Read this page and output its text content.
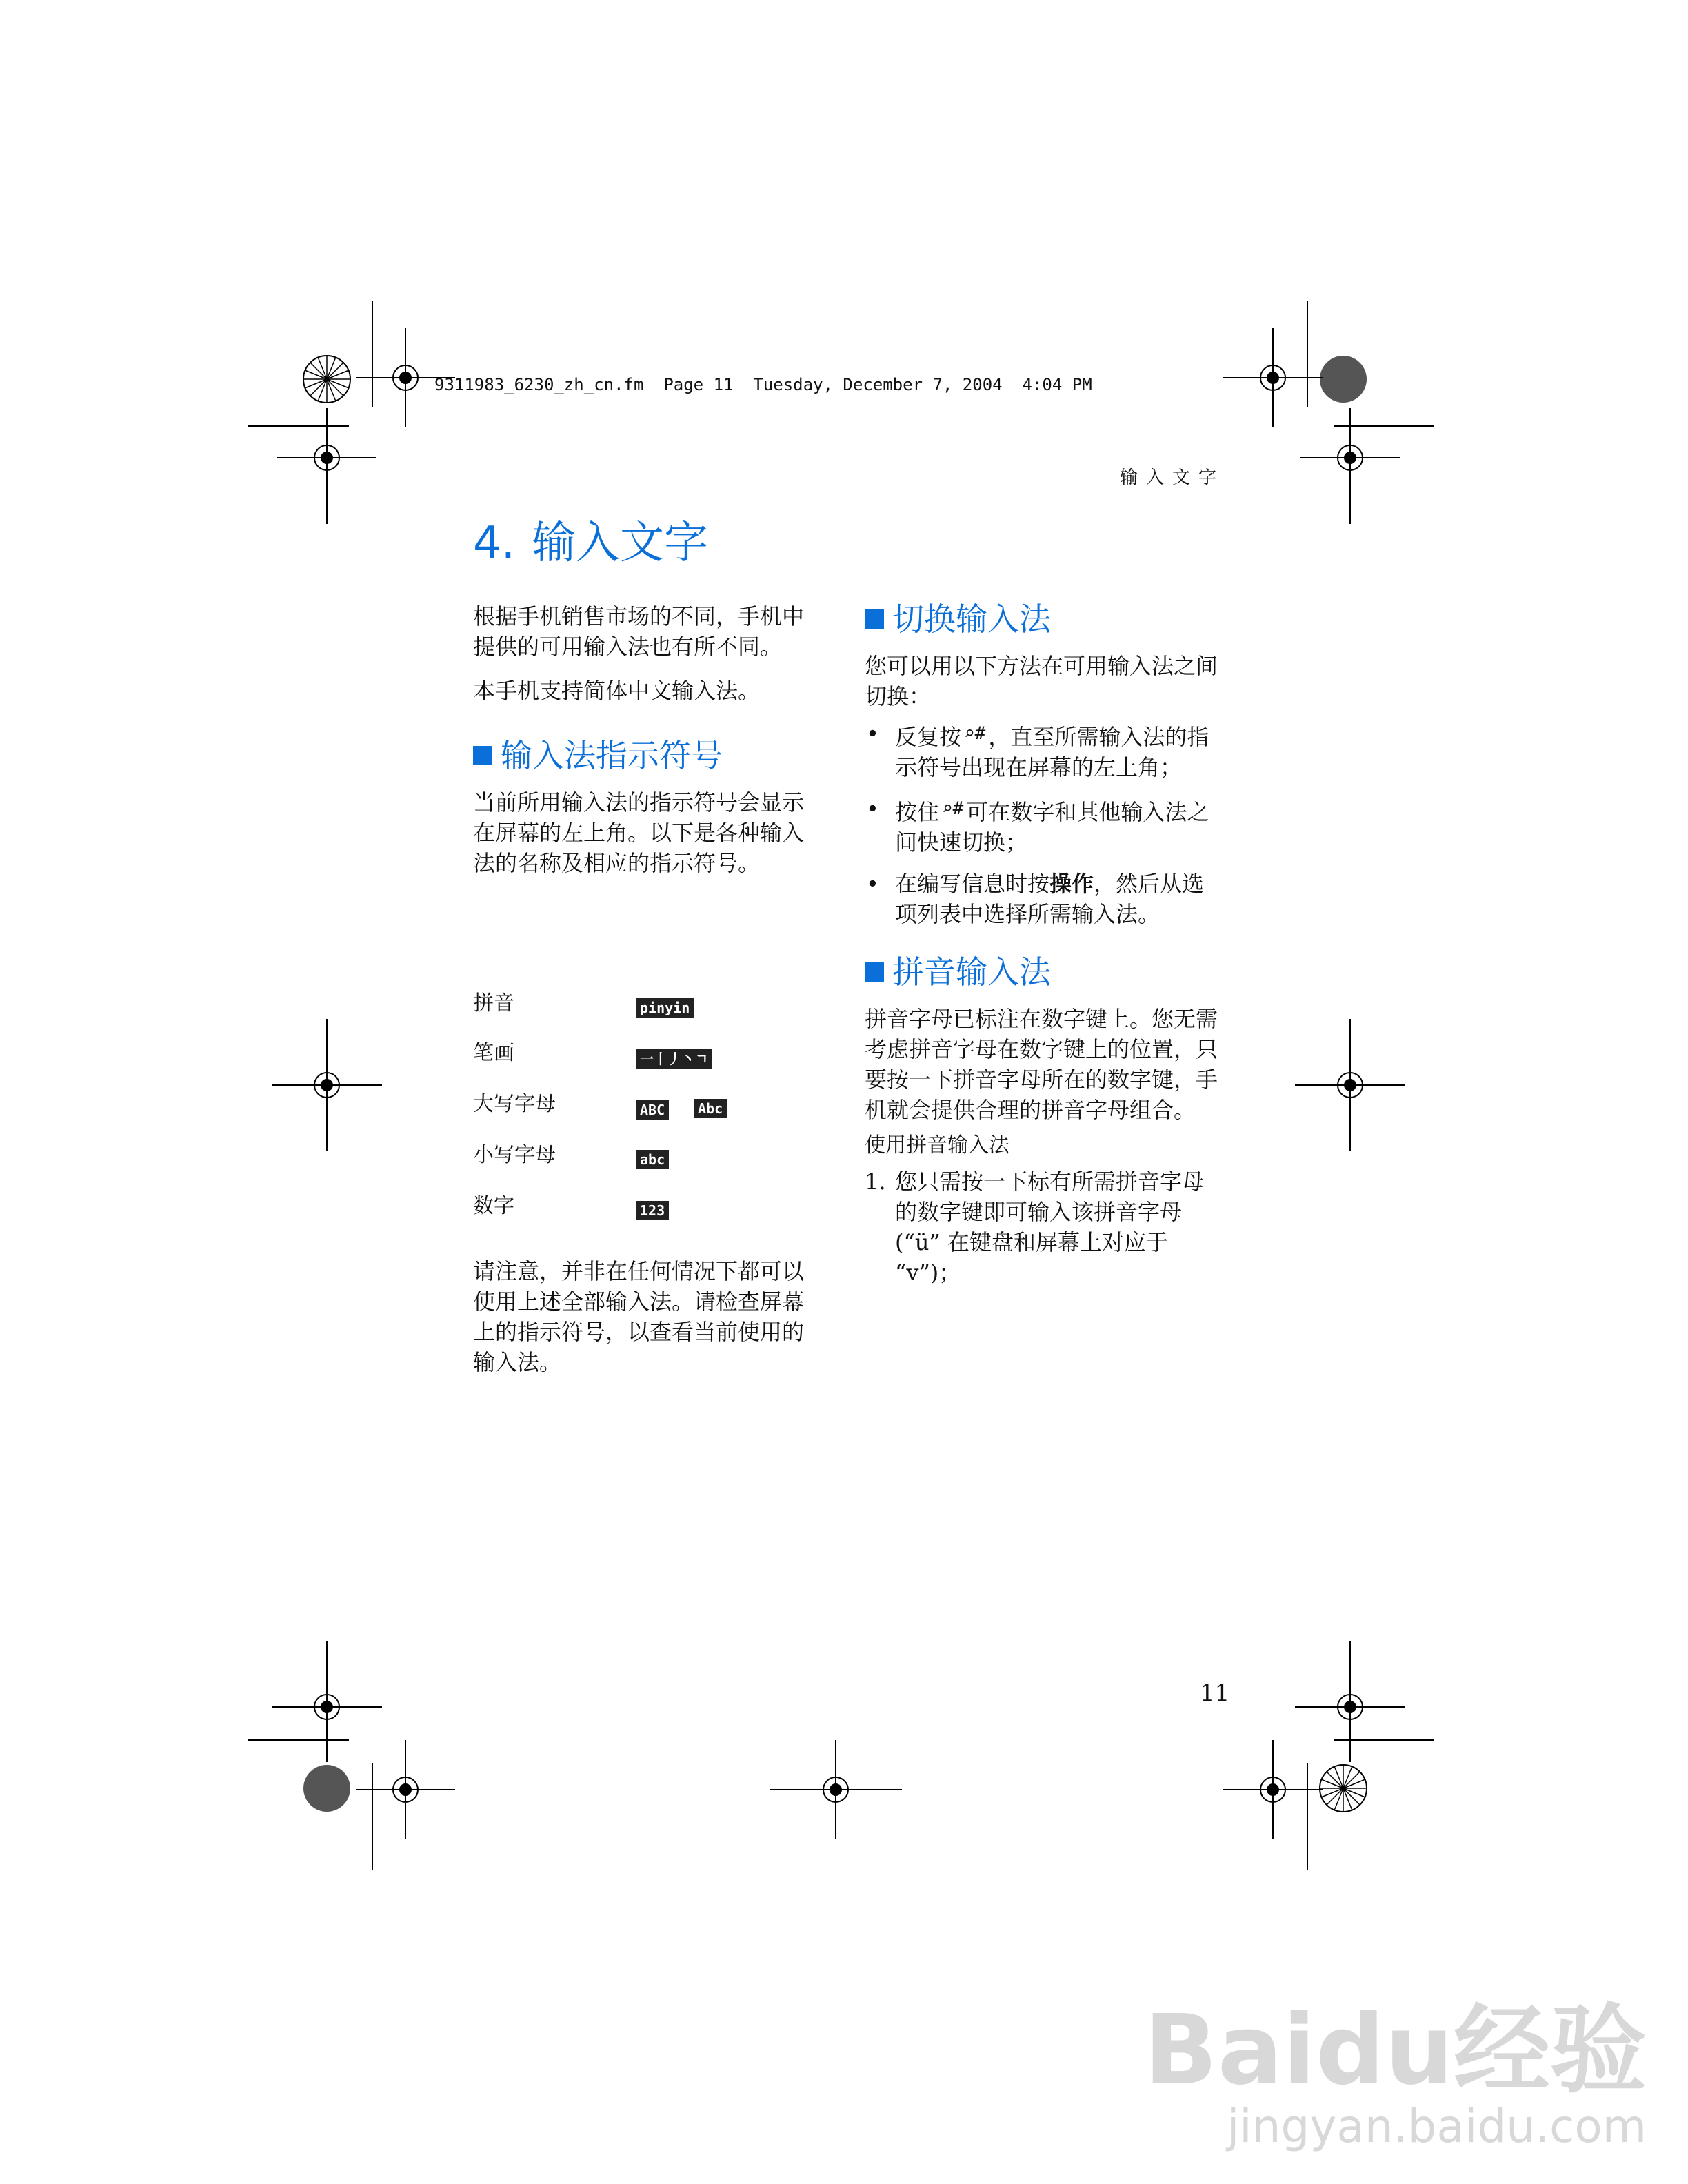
9311983_6230_zh_cn.fm  Page 11  Tuesday, December 7, 2004  4:04 PM
输入文字
4. 输入文字

根据手机销售市场的不同，手机中提供的可用输入法也有所不同。

本手机支持简体中文输入法。

输入法指示符号

当前所用输入法的指示符号会显示在屏幕的左上角。以下是各种输入法的名称及相应的指示符号。

拼音	pinyin
笔画	一丨丿丶ㄱ
大写字母	ABC	Abc
小写字母	abc
数字	123

请注意，并非在任何情况下都可以使用上述全部输入法。请检查屏幕上的指示符号，以查看当前使用的输入法。

切换输入法

您可以用以下方法在可用输入法之间切换：

• 反复按 ⌕# ，直至所需输入法的指示符号出现在屏幕的左上角；
• 按住 ⌕# 可在数字和其他输入法之间快速切换；
• 在编写信息时按操作，然后从选项列表中选择所需输入法。
拼音输入法

拼音字母已标注在数字键上。您无需考虑拼音字母在数字键上的位置，只要按一下拼音字母所在的数字键，手机就会提供合理的拼音字母组合。

使用拼音输入法
1. 您只需按一下标有所需拼音字母的数字键即可输入该拼音字母 (“ü” 在键盘和屏幕上对应于 “v”)；
11
Baidu经验
jingyan.baidu.com
